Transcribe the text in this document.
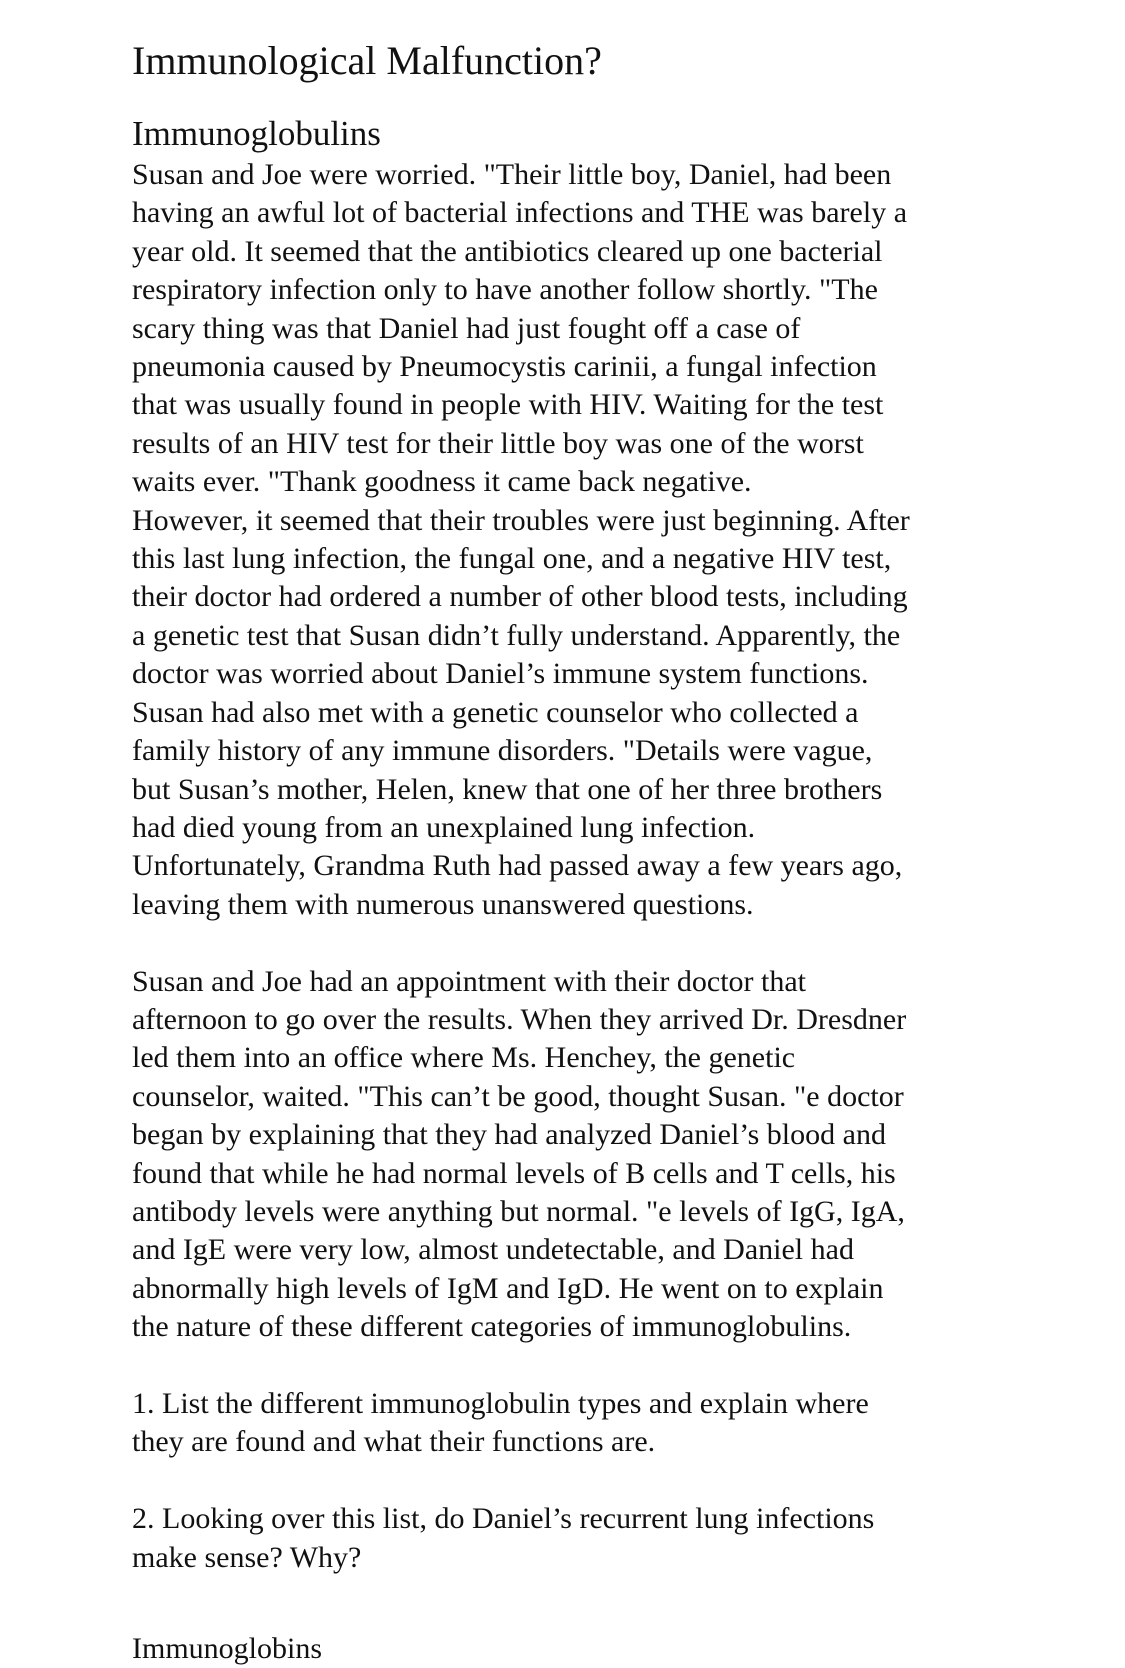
Immunological Malfunction?
Immunoglobulins

Susan and Joe were worried. "Their little boy, Daniel, had been
having an awful lot of bacterial infections and THE was barely a
year old. It seemed that the antibiotics cleared up one bacterial
respiratory infection only to have another follow shortly. "The
scary thing was that Daniel had just fought off a case of
pneumonia caused by Pneumocystis carinii, a fungal infection
that was usually found in people with HIV. Waiting for the test
results of an HIV test for their little boy was one of the worst
waits ever. "Thank goodness it came back negative.

However, it seemed that their troubles were just beginning. After
this last lung infection, the fungal one, and a negative HIV test,
their doctor had ordered a number of other blood tests, including
a genetic test that Susan didn’t fully understand. Apparently, the
doctor was worried about Daniel’s immune system functions.
Susan had also met with a genetic counselor who collected a
family history of any immune disorders. "Details were vague,
but Susan’s mother, Helen, knew that one of her three brothers
had died young from an unexplained lung infection.
Unfortunately, Grandma Ruth had passed away a few years ago,
leaving them with numerous unanswered questions.

Susan and Joe had an appointment with their doctor that
afternoon to go over the results. When they arrived Dr. Dresdner
led them into an office where Ms. Henchey, the genetic
counselor, waited. "This can’t be good, thought Susan. "e doctor
began by explaining that they had analyzed Daniel’s blood and
found that while he had normal levels of B cells and T cells, his
antibody levels were anything but normal. "e levels of IgG, IgA,
and IgE were very low, almost undetectable, and Daniel had
abnormally high levels of IgM and IgD. He went on to explain
the nature of these different categories of immunoglobulins.

1. List the different immunoglobulin types and explain where
they are found and what their functions are.

2. Looking over this list, do Daniel’s recurrent lung infections
make sense? Why?

Immunoglobins
